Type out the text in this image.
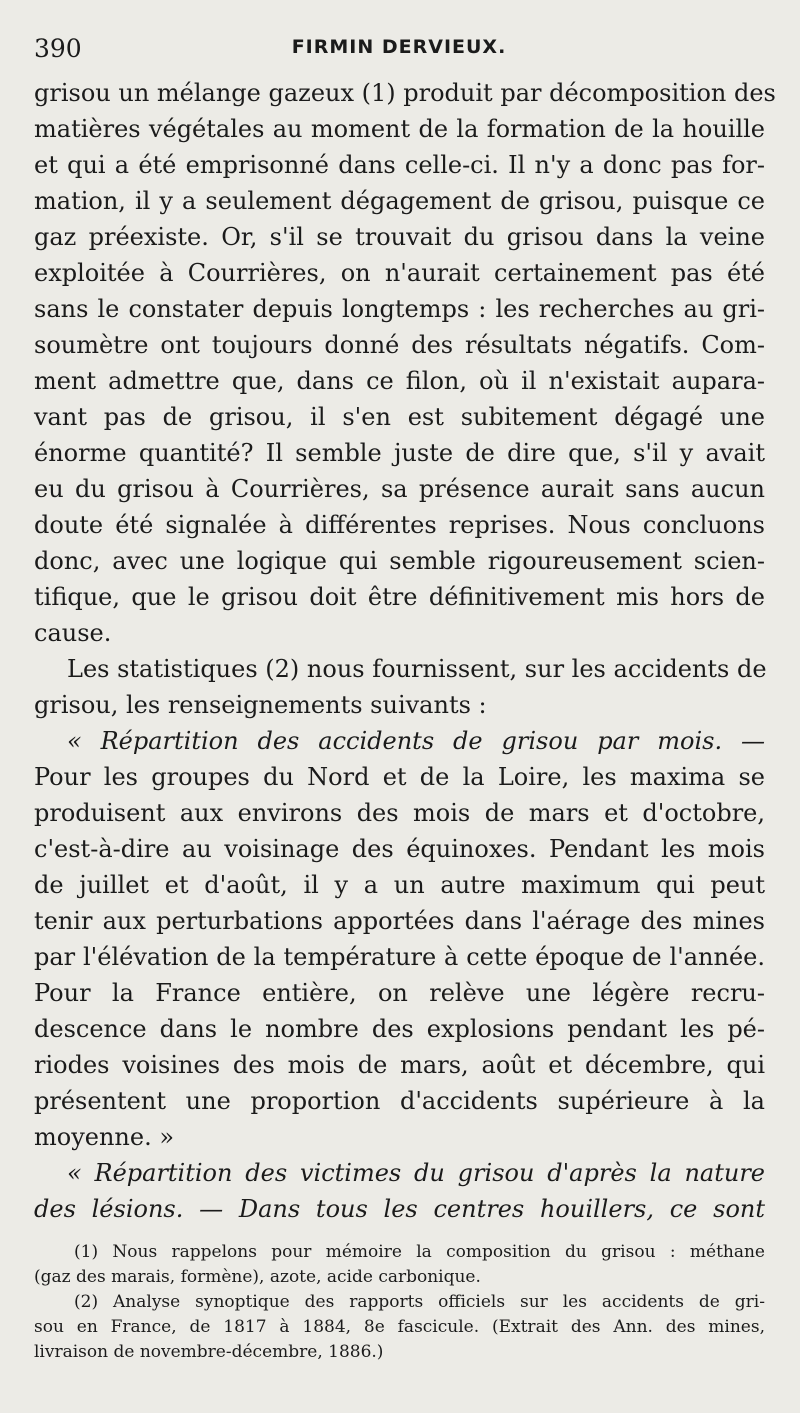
390	FIRMIN DERVIEUX.
grisou un mélange gazeux (1) produit par décomposition des
matières végétales au moment de la formation de la houille
et qui a été emprisonné dans celle-ci. Il n'y a donc pas for-
mation, il y a seulement dégagement de grisou, puisque ce
gaz préexiste. Or, s'il se trouvait du grisou dans la veine
exploitée à Courrières, on n'aurait certainement pas été
sans le constater depuis longtemps : les recherches au gri-
soumètre ont toujours donné des résultats négatifs. Com-
ment admettre que, dans ce filon, où il n'existait aupara-
vant pas de grisou, il s'en est subitement dégagé une
énorme quantité? Il semble juste de dire que, s'il y avait
eu du grisou à Courrières, sa présence aurait sans aucun
doute été signalée à différentes reprises. Nous concluons
donc, avec une logique qui semble rigoureusement scien-
tifique, que le grisou doit être définitivement mis hors de
cause.
Les statistiques (2) nous fournissent, sur les accidents de
grisou, les renseignements suivants :
« Répartition des accidents de grisou par mois. —
Pour les groupes du Nord et de la Loire, les maxima se
produisent aux environs des mois de mars et d'octobre,
c'est-à-dire au voisinage des équinoxes. Pendant les mois
de juillet et d'août, il y a un autre maximum qui peut
tenir aux perturbations apportées dans l'aérage des mines
par l'élévation de la température à cette époque de l'année.
Pour la France entière, on relève une légère recru-
descence dans le nombre des explosions pendant les pé-
riodes voisines des mois de mars, août et décembre, qui
présentent une proportion d'accidents supérieure à la
moyenne. »
« Répartition des victimes du grisou d'après la nature
des lésions. — Dans tous les centres houillers, ce sont
(1) Nous rappelons pour mémoire la composition du grisou : méthane
(gaz des marais, formène), azote, acide carbonique.
(2) Analyse synoptique des rapports officiels sur les accidents de gri-
sou en France, de 1817 à 1884, 8e fascicule. (Extrait des Ann. des mines,
livraison de novembre-décembre, 1886.)
